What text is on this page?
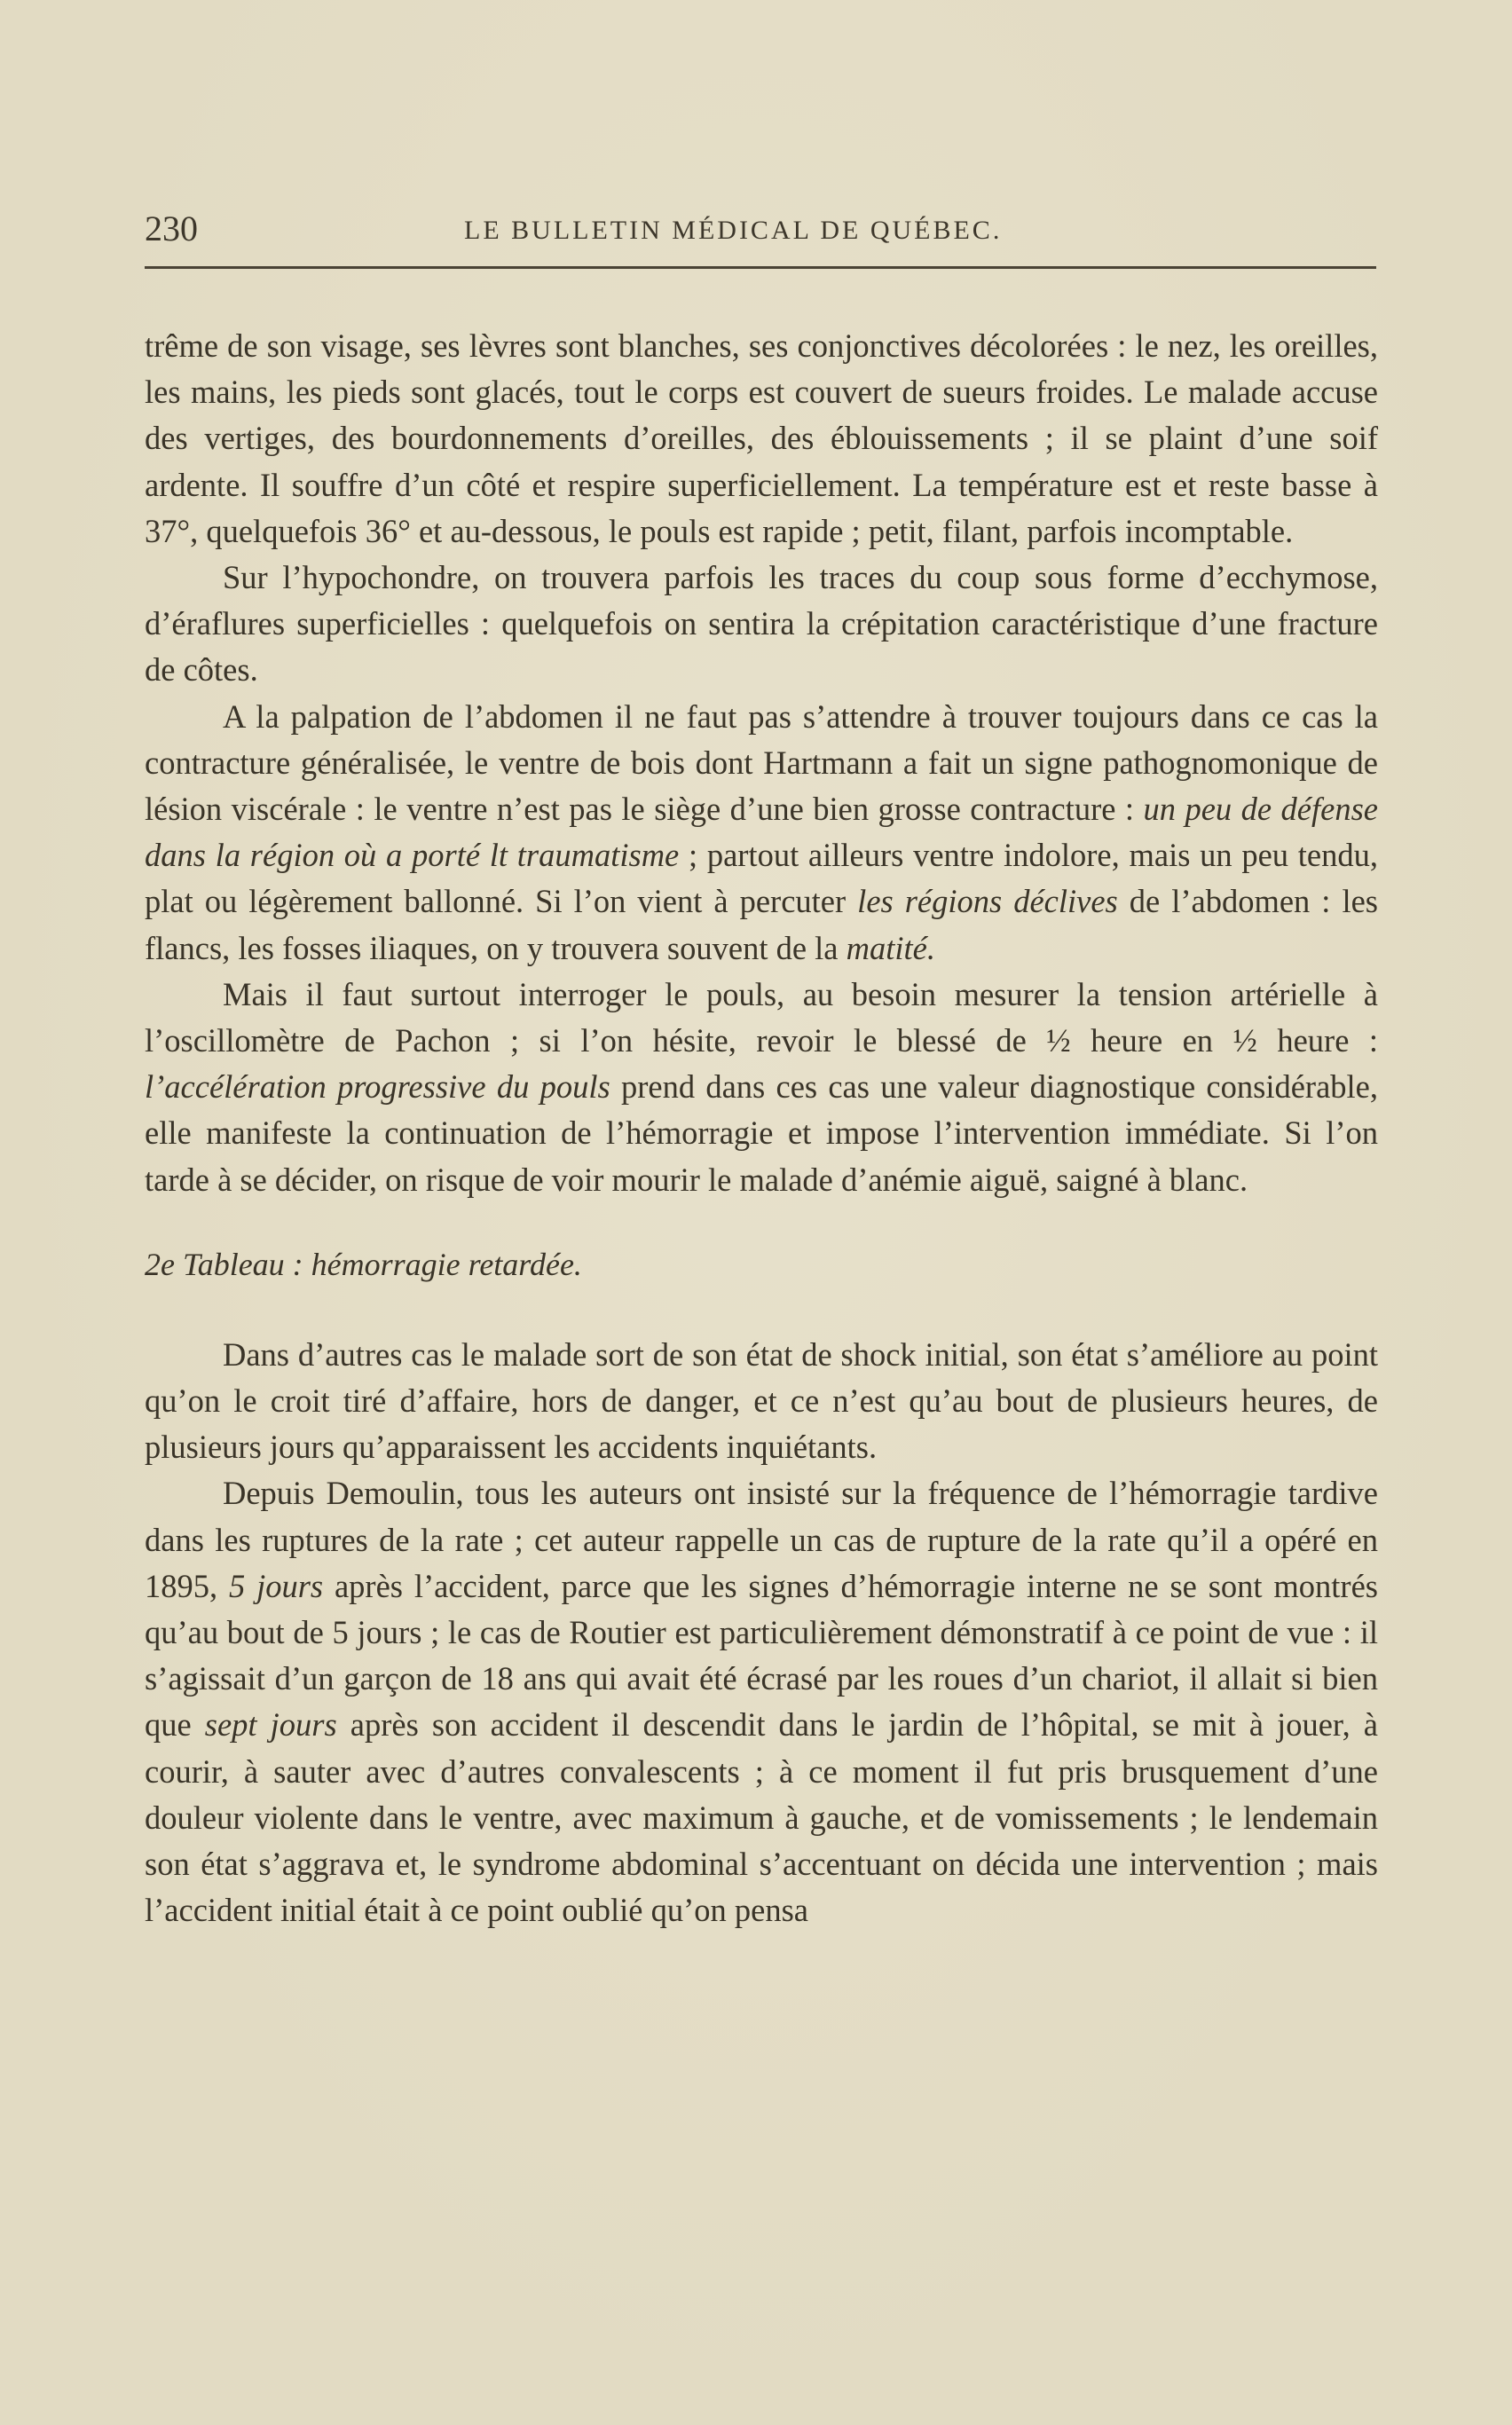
230	LE BULLETIN MÉDICAL DE QUÉBEC.

trême de son visage, ses lèvres sont blanches, ses conjonctives décolorées : le nez, les oreilles, les mains, les pieds sont glacés, tout le corps est couvert de sueurs froides. Le malade accuse des vertiges, des bourdonnements d’oreilles, des éblouissements ; il se plaint d’une soif ardente. Il souffre d’un côté et respire superficiellement. La température est et reste basse à 37°, quelquefois 36° et au-dessous, le pouls est rapide ; petit, filant, parfois incomptable.

Sur l’hypochondre, on trouvera parfois les traces du coup sous forme d’ecchymose, d’éraflures superficielles : quelquefois on sentira la crépitation caractéristique d’une fracture de côtes.

A la palpation de l’abdomen il ne faut pas s’attendre à trouver toujours dans ce cas la contracture généralisée, le ventre de bois dont Hartmann a fait un signe pathognomonique de lésion viscérale : le ventre n’est pas le siège d’une bien grosse contracture : un peu de défense dans la région où a porté lt traumatisme ; partout ailleurs ventre indolore, mais un peu tendu, plat ou légèrement ballonné. Si l’on vient à percuter les régions déclives de l’abdomen : les flancs, les fosses iliaques, on y trouvera souvent de la matité.

Mais il faut surtout interroger le pouls, au besoin mesurer la tension artérielle à l’oscillomètre de Pachon ; si l’on hésite, revoir le blessé de ½ heure en ½ heure : l’accélération progressive du pouls prend dans ces cas une valeur diagnostique considérable, elle manifeste la continuation de l’hémorragie et impose l’intervention immédiate. Si l’on tarde à se décider, on risque de voir mourir le malade d’anémie aiguë, saigné à blanc.

2e Tableau : hémorragie retardée.

Dans d’autres cas le malade sort de son état de shock initial, son état s’améliore au point qu’on le croit tiré d’affaire, hors de danger, et ce n’est qu’au bout de plusieurs heures, de plusieurs jours qu’apparaissent les accidents inquiétants.

Depuis Demoulin, tous les auteurs ont insisté sur la fréquence de l’hémorragie tardive dans les ruptures de la rate ; cet auteur rappelle un cas de rupture de la rate qu’il a opéré en 1895, 5 jours après l’accident, parce que les signes d’hémorragie interne ne se sont montrés qu’au bout de 5 jours ; le cas de Routier est particulièrement démonstratif à ce point de vue : il s’agissait d’un garçon de 18 ans qui avait été écrasé par les roues d’un chariot, il allait si bien que sept jours après son accident il descendit dans le jardin de l’hôpital, se mit à jouer, à courir, à sauter avec d’autres convalescents ; à ce moment il fut pris brusquement d’une douleur violente dans le ventre, avec maximum à gauche, et de vomissements ; le lendemain son état s’aggrava et, le syndrome abdominal s’accentuant on décida une intervention ; mais l’accident initial était à ce point oublié qu’on pensa
